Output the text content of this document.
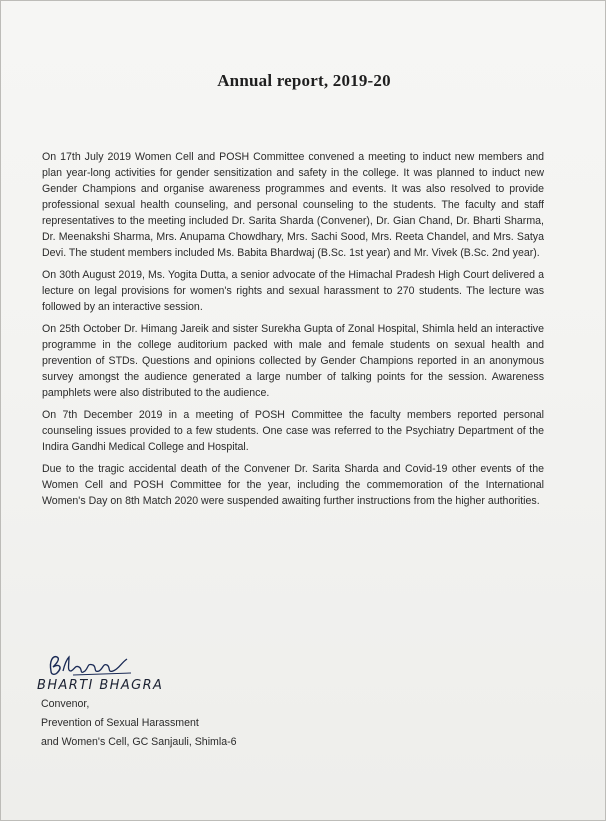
Annual report, 2019-20

On 17th July 2019 Women Cell and POSH Committee convened a meeting to induct new members and plan year-long activities for gender sensitization and safety in the college. It was planned to induct new Gender Champions and organise awareness programmes and events. It was also resolved to provide professional sexual health counseling, and personal counseling to the students. The faculty and staff representatives to the meeting included Dr. Sarita Sharda (Convener), Dr. Gian Chand, Dr. Bharti Sharma, Dr. Meenakshi Sharma, Mrs. Anupama Chowdhary, Mrs. Sachi Sood, Mrs. Reeta Chandel, and Mrs. Satya Devi. The student members included Ms. Babita Bhardwaj (B.Sc. 1st year) and Mr. Vivek (B.Sc. 2nd year).

On 30th August 2019, Ms. Yogita Dutta, a senior advocate of the Himachal Pradesh High Court delivered a lecture on legal provisions for women's rights and sexual harassment to 270 students. The lecture was followed by an interactive session.

On 25th October Dr. Himang Jareik and sister Surekha Gupta of Zonal Hospital, Shimla held an interactive programme in the college auditorium packed with male and female students on sexual health and prevention of STDs. Questions and opinions collected by Gender Champions reported in an anonymous survey amongst the audience generated a large number of talking points for the session. Awareness pamphlets were also distributed to the audience.

On 7th December 2019 in a meeting of POSH Committee the faculty members reported personal counseling issues provided to a few students. One case was referred to the Psychiatry Department of the Indira Gandhi Medical College and Hospital.

Due to the tragic accidental death of the Convener Dr. Sarita Sharda and Covid-19 other events of the Women Cell and POSH Committee for the year, including the commemoration of the International Women's Day on 8th Match 2020 were suspended awaiting further instructions from the higher authorities.

BHARTI BHAGRA
Convenor,
Prevention of Sexual Harassment
and Women's Cell, GC Sanjauli, Shimla-6
